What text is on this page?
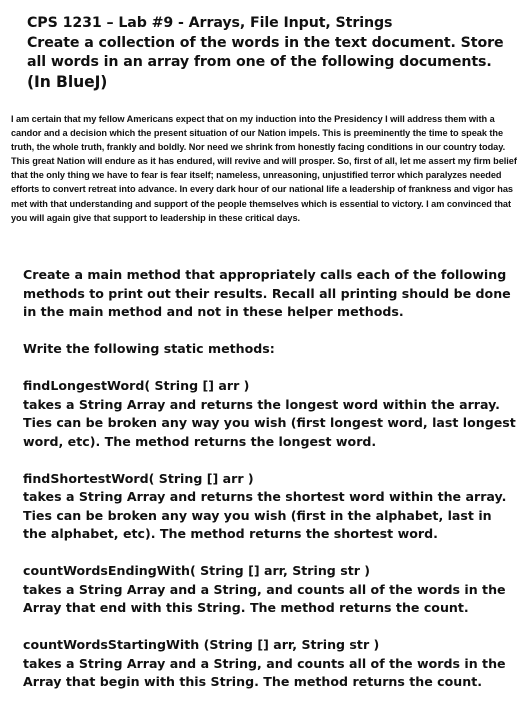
CPS 1231 – Lab #9 - Arrays, File Input, Strings

Create a collection of the words in the text document. Store

all words in an array from one of the following documents.

(In BlueJ)

I am certain that my fellow Americans expect that on my induction into the Presidency I will address them with a candor and a decision which the present situation of our Nation impels. This is preeminently the time to speak the truth, the whole truth, frankly and boldly. Nor need we shrink from honestly facing conditions in our country today. This great Nation will endure as it has endured, will revive and will prosper. So, first of all, let me assert my firm belief that the only thing we have to fear is fear itself; nameless, unreasoning, unjustified terror which paralyzes needed efforts to convert retreat into advance. In every dark hour of our national life a leadership of frankness and vigor has met with that understanding and support of the people themselves which is essential to victory. I am convinced that you will again give that support to leadership in these critical days.

Create a main method that appropriately calls each of the following methods to print out their results. Recall all printing should be done in the main method and not in these helper methods.

Write the following static methods:

findLongestWord( String [] arr )
takes a String Array and returns the longest word within the array. Ties can be broken any way you wish (first longest word, last longest word, etc). The method returns the longest word.

findShortestWord( String [] arr )
takes a String Array and returns the shortest word within the array. Ties can be broken any way you wish (first in the alphabet, last in the alphabet, etc). The method returns the shortest word.

countWordsEndingWith( String [] arr, String str )
takes a String Array and a String, and counts all of the words in the Array that end with this String. The method returns the count.

countWordsStartingWith (String [] arr, String str )
takes a String Array and a String, and counts all of the words in the Array that begin with this String. The method returns the count.
